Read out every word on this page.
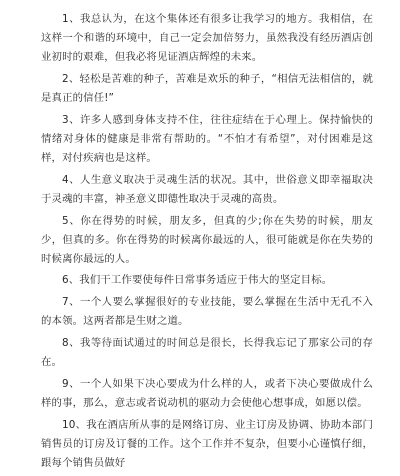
1、我总认为，在这个集体还有很多让我学习的地方。我相信，在这样一个和谐的环境中，自己一定会加倍努力，虽然我没有经历酒店创业初时的艰难，但我必将见证酒店辉煌的未来。

2、轻松是苦难的种子，苦难是欢乐的种子，“相信无法相信的，就是真正的信任!”

3、许多人感到身体支持不住，往往症结在于心理上。保持愉快的情绪对身体的健康是非常有帮助的。“不怕才有希望”，对付困难是这样，对付疾病也是这样。

4、人生意义取决于灵魂生活的状况。其中，世俗意义即幸福取决于灵魂的丰富，神圣意义即德性取决于灵魂的高贵。

5、你在得势的时候，朋友多，但真的少;你在失势的时候，朋友少，但真的多。你在得势的时候离你最远的人，很可能就是你在失势的时候离你最远的人。

6、我们干工作要使每件日常事务适应于伟大的坚定目标。

7、一个人要么掌握很好的专业技能，要么掌握在生活中无孔不入的本领。这两者都是生财之道。

8、我等待面试通过的时间总是很长，长得我忘记了那家公司的存在。

9、一个人如果下决心要成为什么样的人，或者下决心要做成什么样的事，那么，意志或者说动机的驱动力会使他心想事成，如愿以偿。

10、我在酒店所从事的是网络订房、业主订房及协调、协助本部门销售员的订房及订餐的工作。这个工作并不复杂，但要小心谨慎仔细，跟每个销售员做好
